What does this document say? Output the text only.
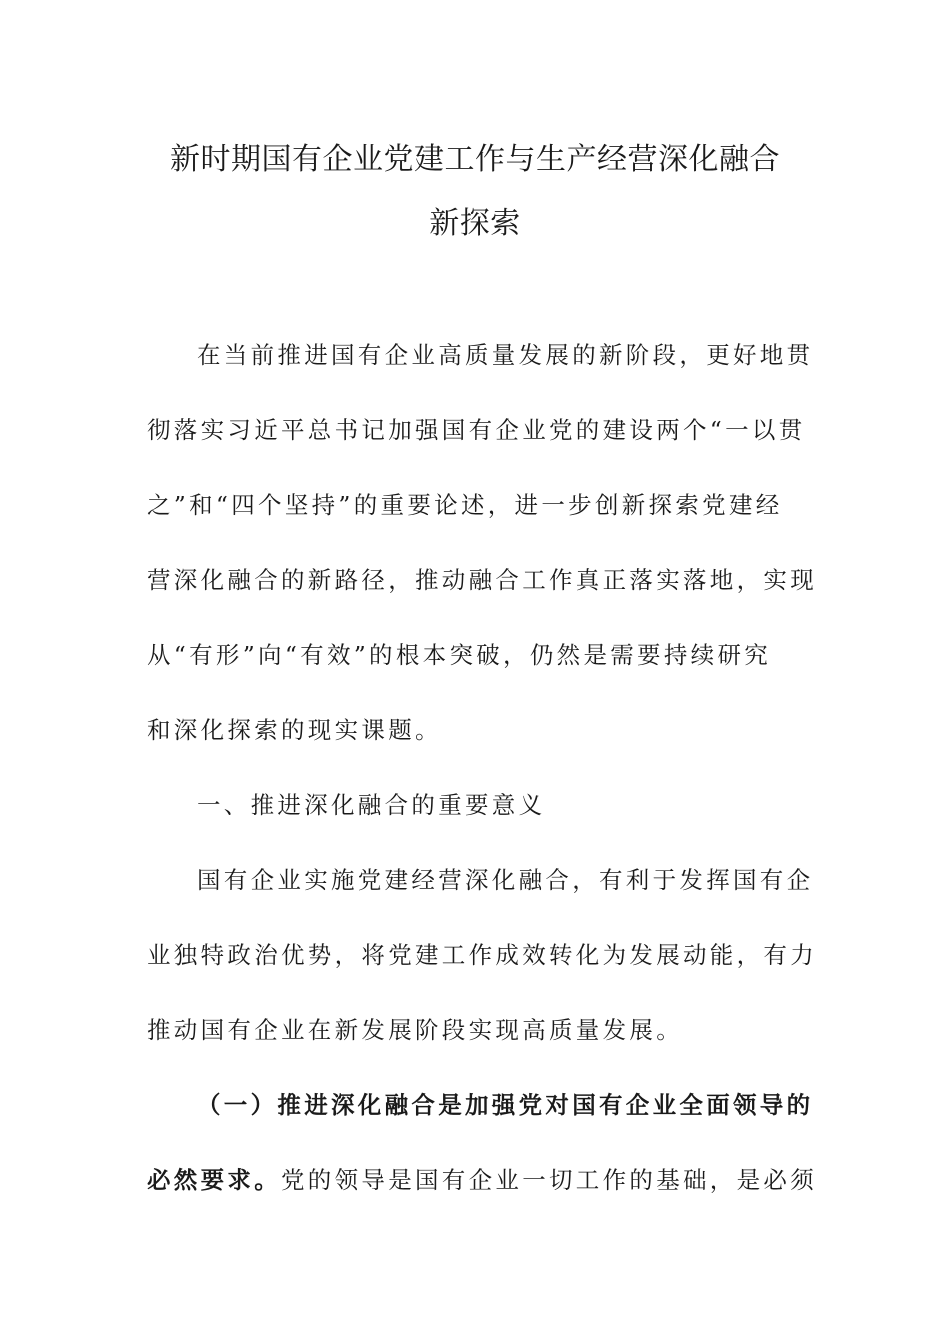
新时期国有企业党建工作与生产经营深化融合
新探索
在当前推进国有企业高质量发展的新阶段，更好地贯
彻落实习近平总书记加强国有企业党的建设两个“一以贯
之”和“四个坚持”的重要论述，进一步创新探索党建经
营深化融合的新路径，推动融合工作真正落实落地，实现
从“有形”向“有效”的根本突破，仍然是需要持续研究
和深化探索的现实课题。
一、推进深化融合的重要意义
国有企业实施党建经营深化融合，有利于发挥国有企
业独特政治优势，将党建工作成效转化为发展动能，有力
推动国有企业在新发展阶段实现高质量发展。
（一）推进深化融合是加强党对国有企业全面领导的
必然要求。党的领导是国有企业一切工作的基础，是必须
